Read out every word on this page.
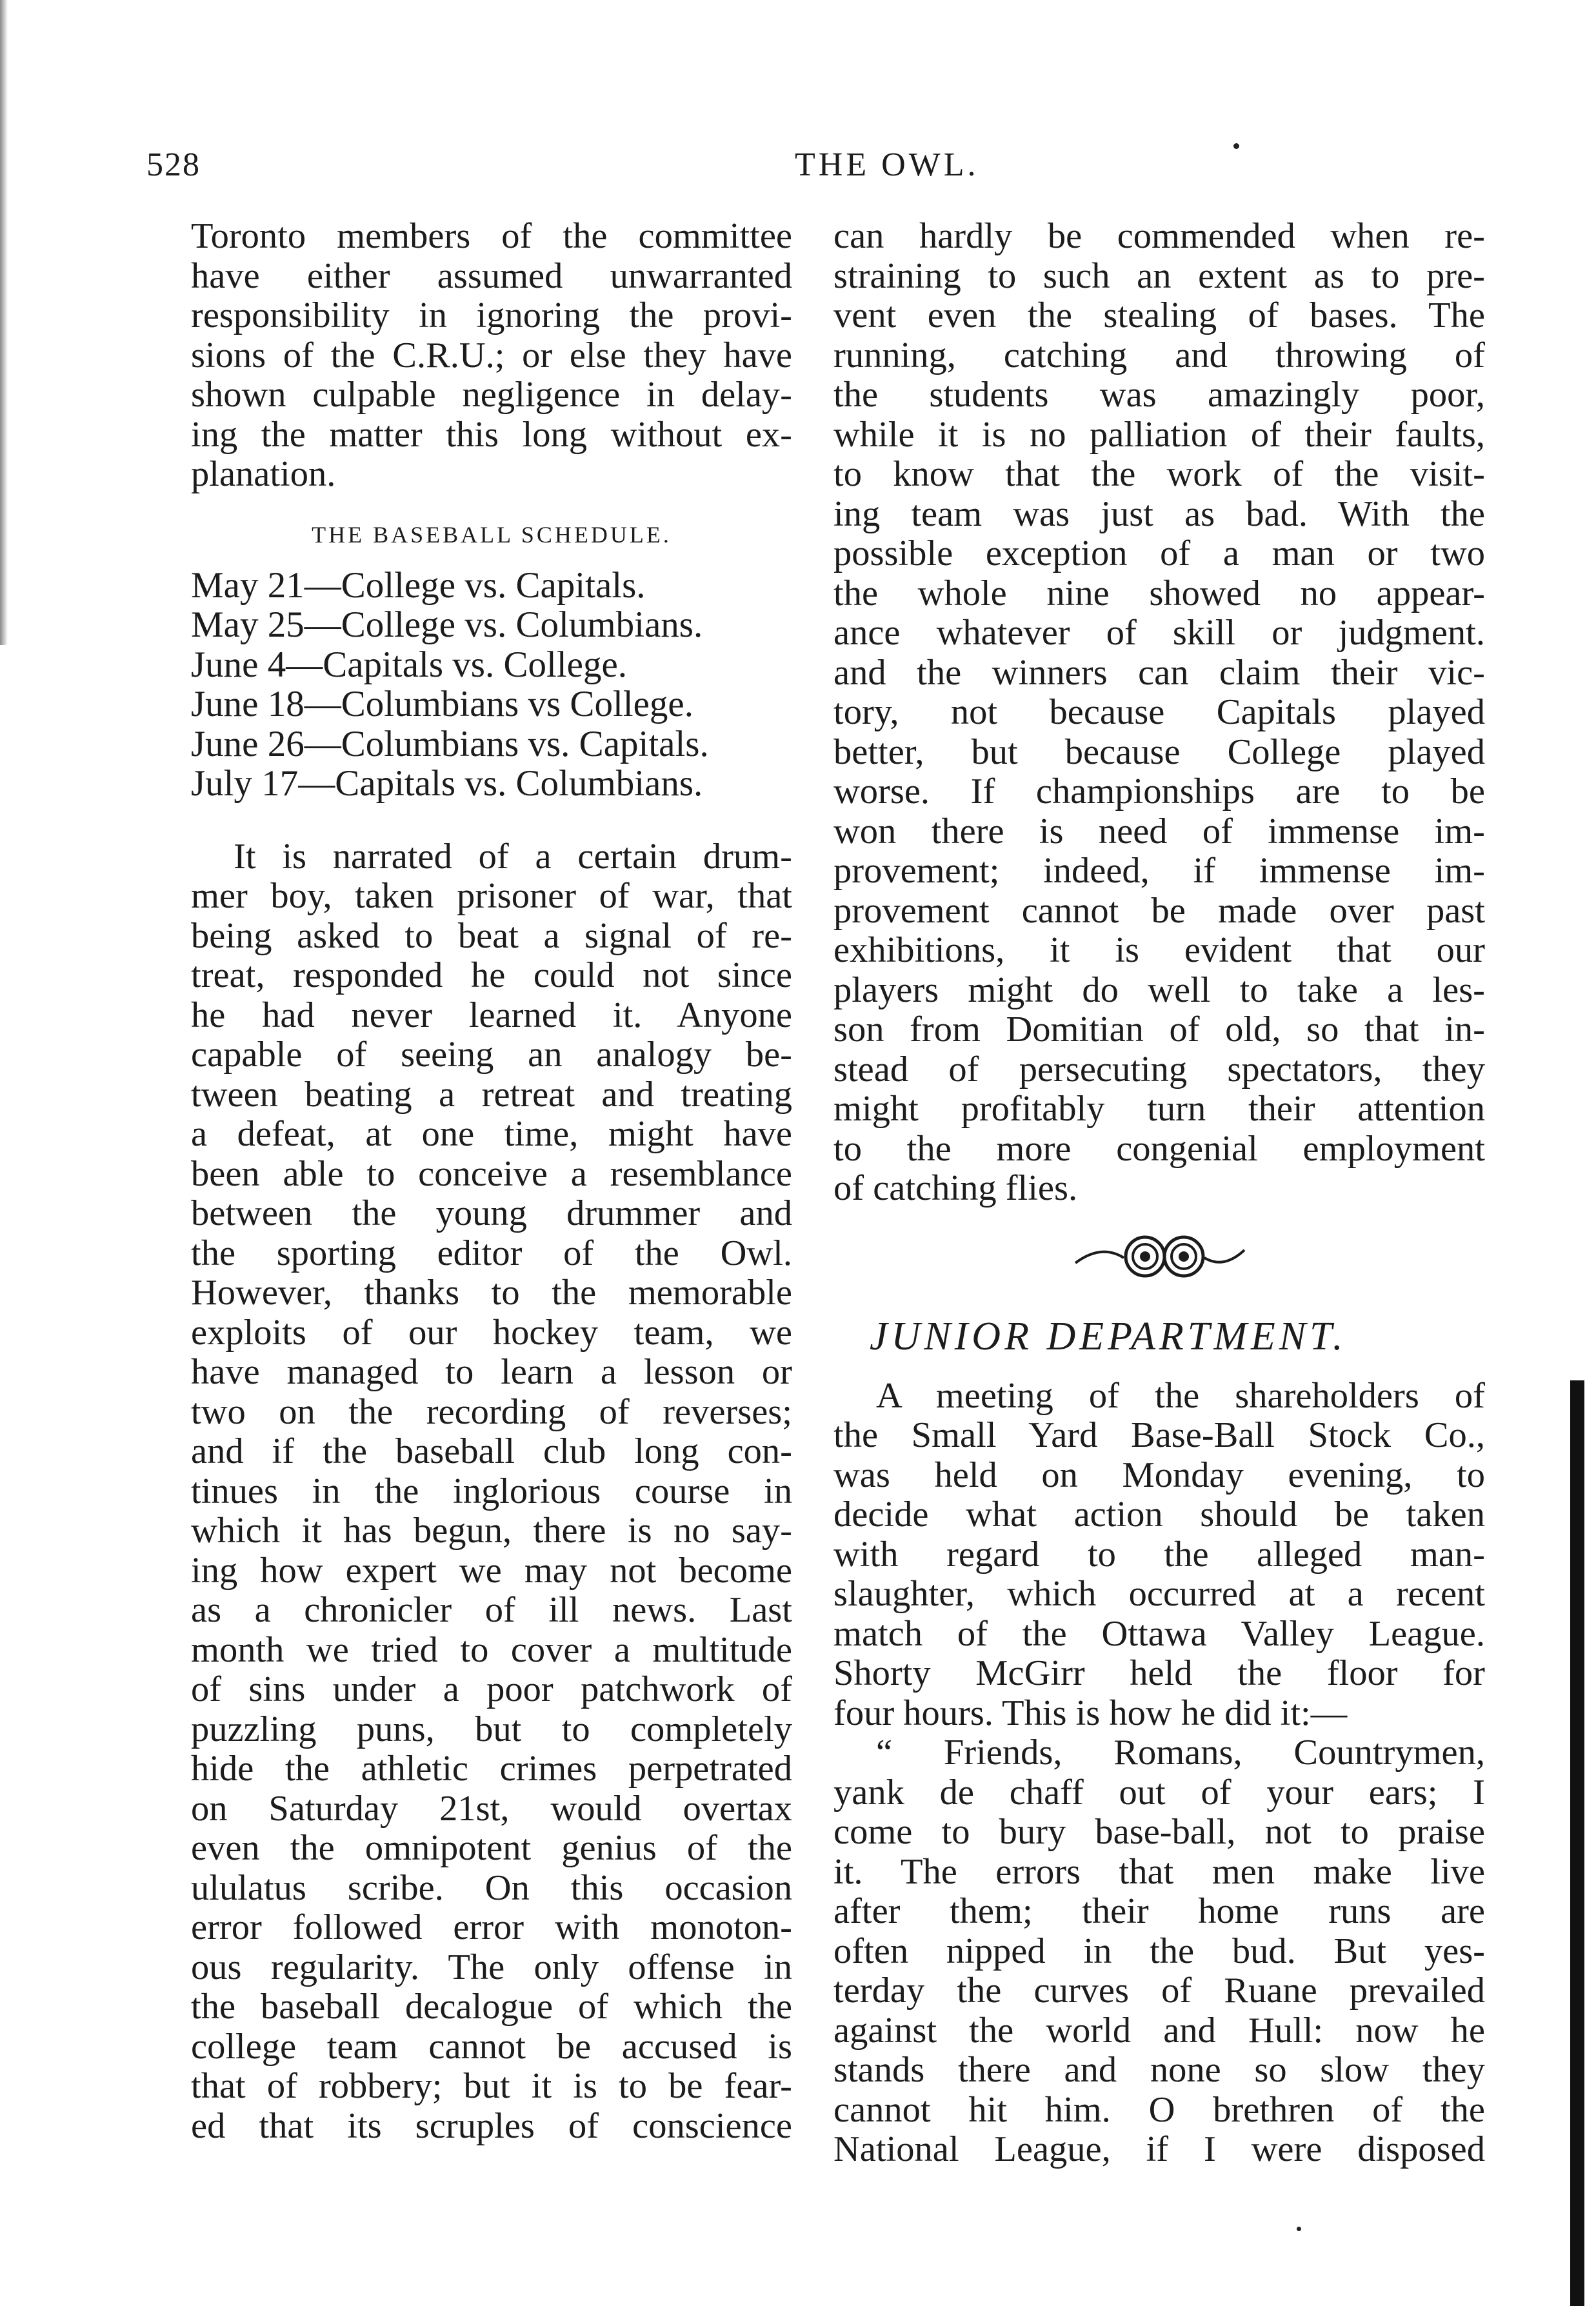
528	THE OWL.
Toronto members of the committee
have either assumed unwarranted
responsibility in ignoring the provi-
sions of the C.R.U.; or else they have
shown culpable negligence in delay-
ing the matter this long without ex-
planation.
THE BASEBALL SCHEDULE.
May 21—College vs. Capitals.
May 25—College vs. Columbians.
June 4—Capitals vs. College.
June 18—Columbians vs College.
June 26—Columbians vs. Capitals.
July 17—Capitals vs. Columbians.
It is narrated of a certain drum-
mer boy, taken prisoner of war, that
being asked to beat a signal of re-
treat, responded he could not since
he had never learned it. Anyone
capable of seeing an analogy be-
tween beating a retreat and treating
a defeat, at one time, might have
been able to conceive a resemblance
between the young drummer and
the sporting editor of the Owl.
However, thanks to the memorable
exploits of our hockey team, we
have managed to learn a lesson or
two on the recording of reverses;
and if the baseball club long con-
tinues in the inglorious course in
which it has begun, there is no say-
ing how expert we may not become
as a chronicler of ill news. Last
month we tried to cover a multitude
of sins under a poor patchwork of
puzzling puns, but to completely
hide the athletic crimes perpetrated
on Saturday 21st, would overtax
even the omnipotent genius of the
ululatus scribe. On this occasion
error followed error with monoton-
ous regularity. The only offense in
the baseball decalogue of which the
college team cannot be accused is
that of robbery; but it is to be fear-
ed that its scruples of conscience
can hardly be commended when re-
straining to such an extent as to pre-
vent even the stealing of bases. The
running, catching and throwing of
the students was amazingly poor,
while it is no palliation of their faults,
to know that the work of the visit-
ing team was just as bad. With the
possible exception of a man or two
the whole nine showed no appear-
ance whatever of skill or judgment.
and the winners can claim their vic-
tory, not because Capitals played
better, but because College played
worse. If championships are to be
won there is need of immense im-
provement; indeed, if immense im-
provement cannot be made over past
exhibitions, it is evident that our
players might do well to take a les-
son from Domitian of old, so that in-
stead of persecuting spectators, they
might profitably turn their attention
to the more congenial employment
of catching flies.
JUNIOR DEPARTMENT.
A meeting of the shareholders of
the Small Yard Base-Ball Stock Co.,
was held on Monday evening, to
decide what action should be taken
with regard to the alleged man-
slaughter, which occurred at a recent
match of the Ottawa Valley League.
Shorty McGirr held the floor for
four hours. This is how he did it:—
“ Friends, Romans, Countrymen,
yank de chaff out of your ears; I
come to bury base-ball, not to praise
it. The errors that men make live
after them; their home runs are
often nipped in the bud. But yes-
terday the curves of Ruane prevailed
against the world and Hull: now he
stands there and none so slow they
cannot hit him. O brethren of the
National League, if I were disposed
